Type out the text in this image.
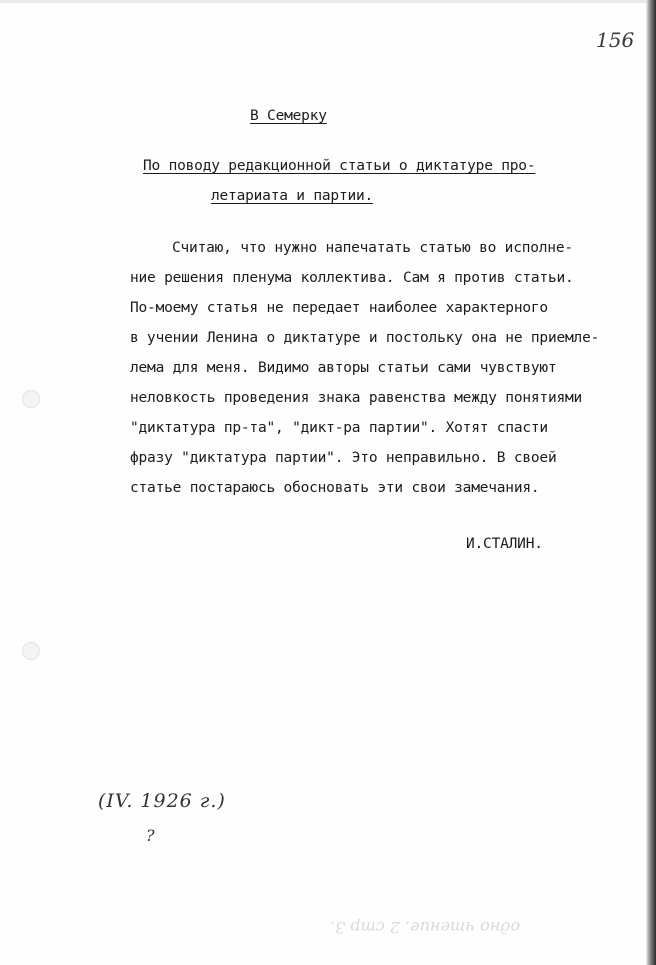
156
В Семерку
По поводу редакционной статьи о диктатуре про-
летариата и партии.
Считаю, что нужно напечатать статью во исполне-
ние решения пленума коллектива. Сам я против статьи.
По-моему статья не передает наиболее характерного
в учении Ленина о диктатуре и постольку она не приемле-
лема для меня. Видимо авторы статьи сами чувствуют
неловкость проведения знака равенства между понятиями
"диктатура пр-та", "дикт-ра партии". Хотят спасти
фразу "диктатура партии". Это неправильно. В своей
статье постараюсь обосновать эти свои замечания.
И.СТАЛИН.
(IV. 1926 г.)
?
одно чтение. 2 стр 3.
